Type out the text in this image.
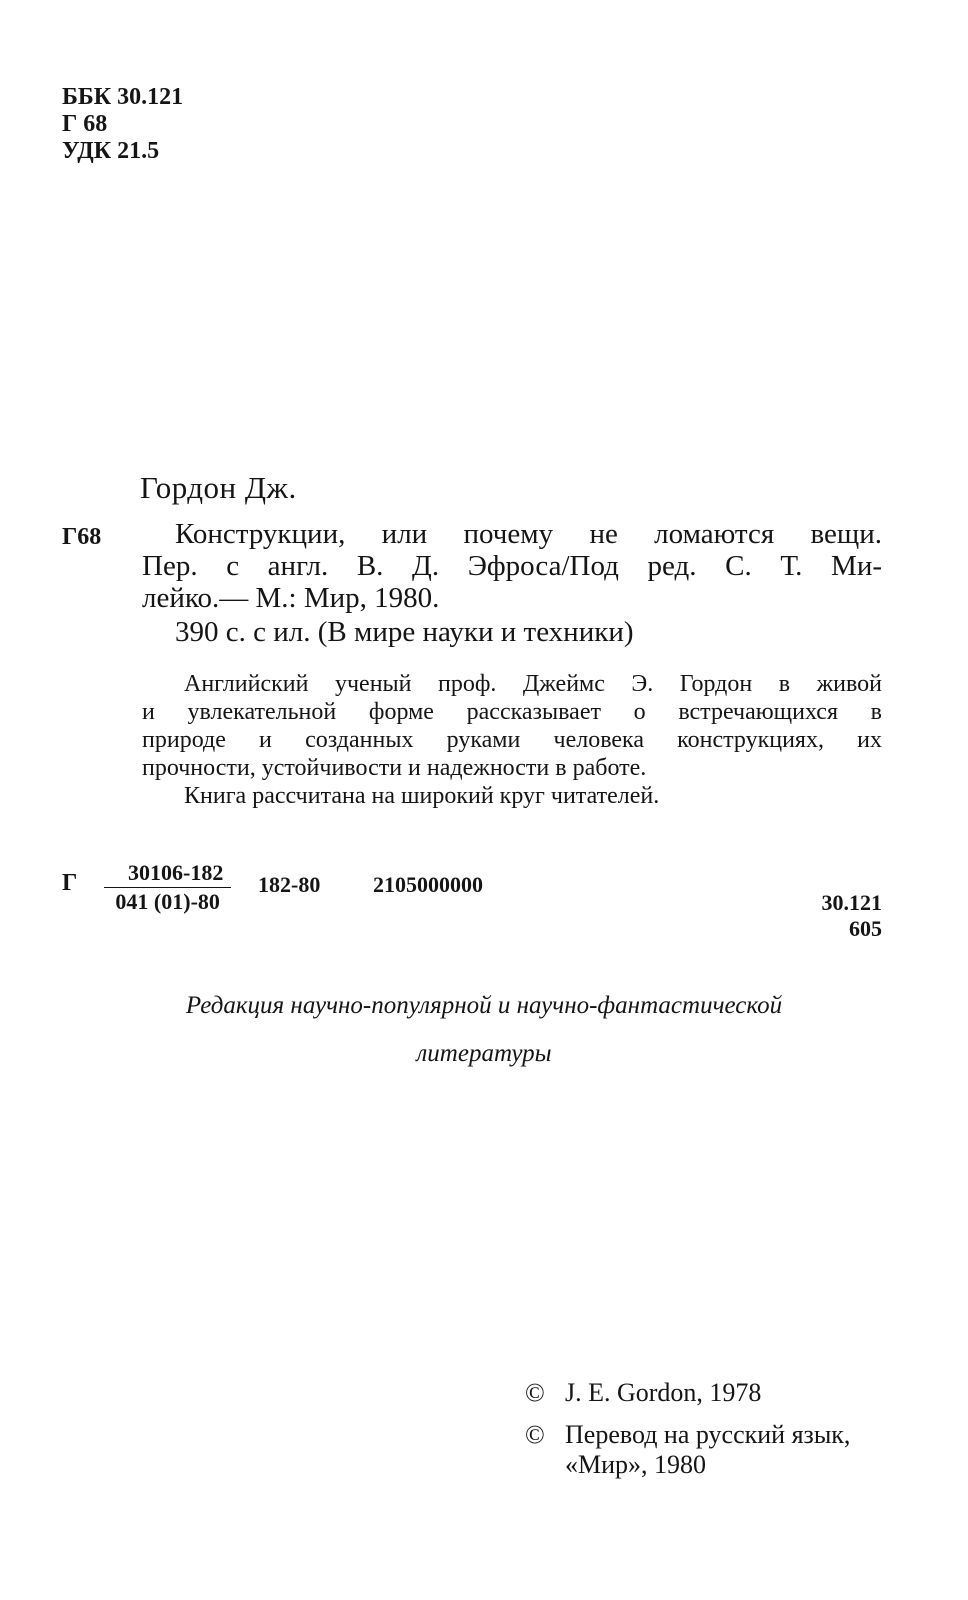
ББК 30.121
Г 68
УДК 21.5
Гордон Дж.
Г68	Конструкции, или почему не ломаются вещи.
Пер. с англ. В. Д. Эфроса/Под ред. С. Т. Ми-
лейко.— М.: Мир, 1980.
390 с. с ил. (В мире науки и техники)
Английский ученый проф. Джеймс Э. Гордон в живой
и увлекательной форме рассказывает о встречающихся в
природе и созданных руками человека конструкциях, их
прочности, устойчивости и надежности в работе.
Книга рассчитана на широкий круг читателей.
Г $\frac{30106-182}{041 (01)-80} 182-80$ 2105000000
30.121
605
Редакция научно-популярной и научно-фантастической
литературы
© J. E. Gordon, 1978
© Перевод на русский язык,
«Мир», 1980
